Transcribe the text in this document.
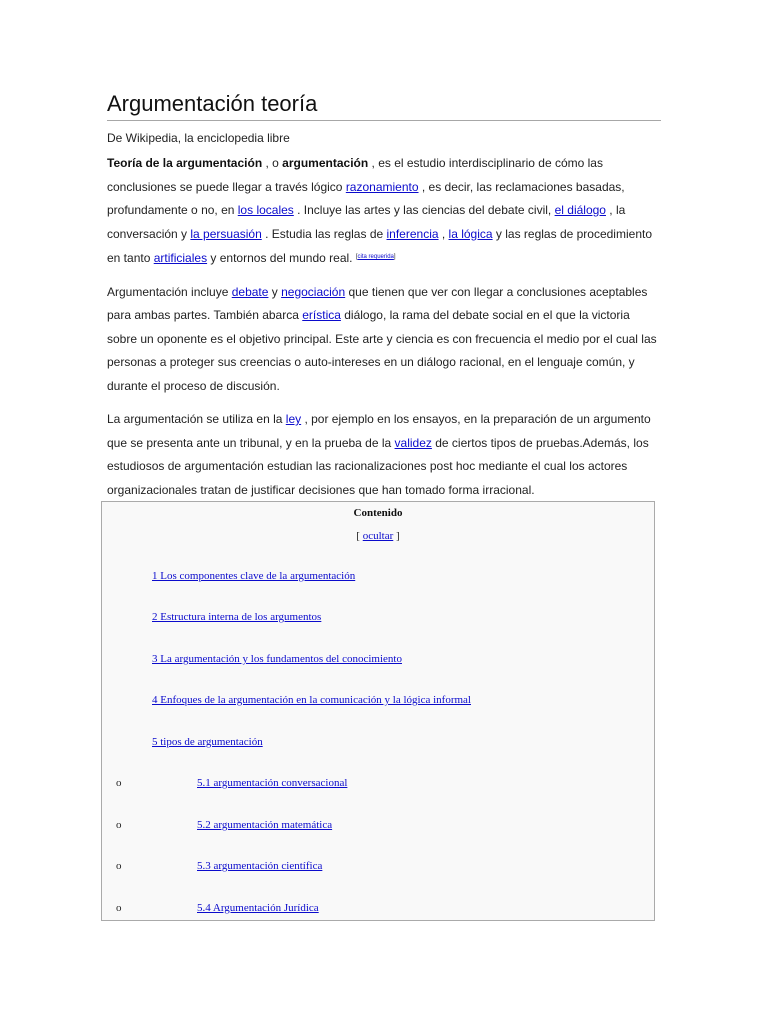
Argumentación teoría
De Wikipedia, la enciclopedia libre

Teoría de la argumentación , o argumentación , es el estudio interdisciplinario de cómo las conclusiones se puede llegar a través lógico razonamiento , es decir, las reclamaciones basadas, profundamente o no, en los locales . Incluye las artes y las ciencias del debate civil, el diálogo , la conversación y la persuasión . Estudia las reglas de inferencia , la lógica y las reglas de procedimiento en tanto artificiales y entornos del mundo real. [cita requerida]

Argumentación incluye debate y negociación que tienen que ver con llegar a conclusiones aceptables para ambas partes. También abarca erística diálogo, la rama del debate social en el que la victoria sobre un oponente es el objetivo principal. Este arte y ciencia es con frecuencia el medio por el cual las personas a proteger sus creencias o auto-intereses en un diálogo racional, en el lenguaje común, y durante el proceso de discusión.

La argumentación se utiliza en la ley , por ejemplo en los ensayos, en la preparación de un argumento que se presenta ante un tribunal, y en la prueba de la validez de ciertos tipos de pruebas.Además, los estudiosos de argumentación estudian las racionalizaciones post hoc mediante el cual los actores organizacionales tratan de justificar decisiones que han tomado forma irracional.

Contenido
[ ocultar ]
1 Los componentes clave de la argumentación
2 Estructura interna de los argumentos
3 La argumentación y los fundamentos del conocimiento
4 Enfoques de la argumentación en la comunicación y la lógica informal
5 tipos de argumentación
o	5.1 argumentación conversacional
o	5.2 argumentación matemática
o	5.3 argumentación científica
o	5.4 Argumentación Jurídica
